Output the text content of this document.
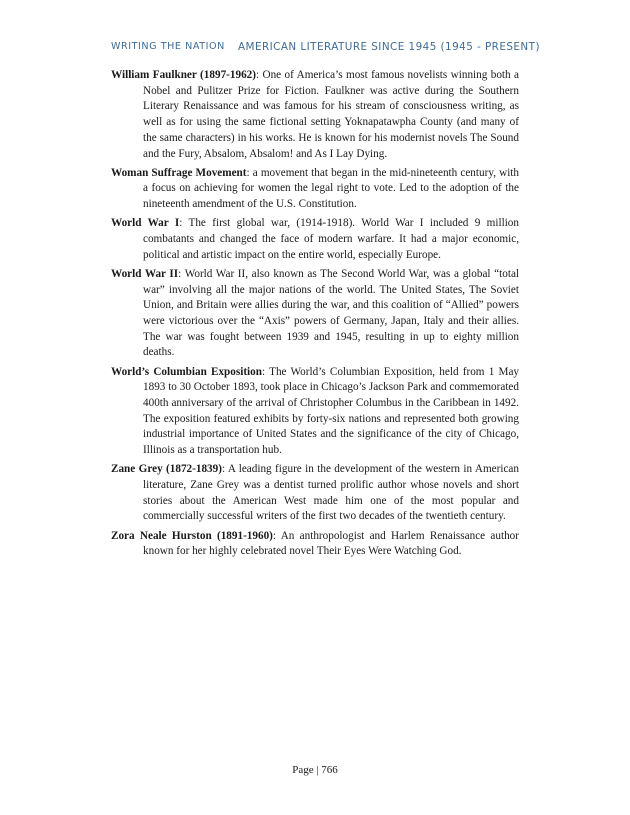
WRITING THE NATION AMERICAN LITERATURE SINCE 1945 (1945 - PRESENT)

William Faulkner (1897-1962): One of America’s most famous novelists winning both a Nobel and Pulitzer Prize for Fiction. Faulkner was active during the Southern Literary Renaissance and was famous for his stream of consciousness writing, as well as for using the same fictional setting Yoknapatawpha County (and many of the same characters) in his works. He is known for his modernist novels The Sound and the Fury, Absalom, Absalom! and As I Lay Dying.

Woman Suffrage Movement: a movement that began in the mid-nineteenth century, with a focus on achieving for women the legal right to vote. Led to the adoption of the nineteenth amendment of the U.S. Constitution.

World War I: The first global war, (1914-1918). World War I included 9 million combatants and changed the face of modern warfare. It had a major economic, political and artistic impact on the entire world, especially Europe.

World War II: World War II, also known as The Second World War, was a global “total war” involving all the major nations of the world. The United States, The Soviet Union, and Britain were allies during the war, and this coalition of “Allied” powers were victorious over the “Axis” powers of Germany, Japan, Italy and their allies. The war was fought between 1939 and 1945, resulting in up to eighty million deaths.

World’s Columbian Exposition: The World’s Columbian Exposition, held from 1 May 1893 to 30 October 1893, took place in Chicago’s Jackson Park and commemorated 400th anniversary of the arrival of Christopher Columbus in the Caribbean in 1492. The exposition featured exhibits by forty-six nations and represented both growing industrial importance of United States and the significance of the city of Chicago, Illinois as a transportation hub.

Zane Grey (1872-1839): A leading figure in the development of the western in American literature, Zane Grey was a dentist turned prolific author whose novels and short stories about the American West made him one of the most popular and commercially successful writers of the first two decades of the twentieth century.

Zora Neale Hurston (1891-1960): An anthropologist and Harlem Renaissance author known for her highly celebrated novel Their Eyes Were Watching God.

Page | 766
